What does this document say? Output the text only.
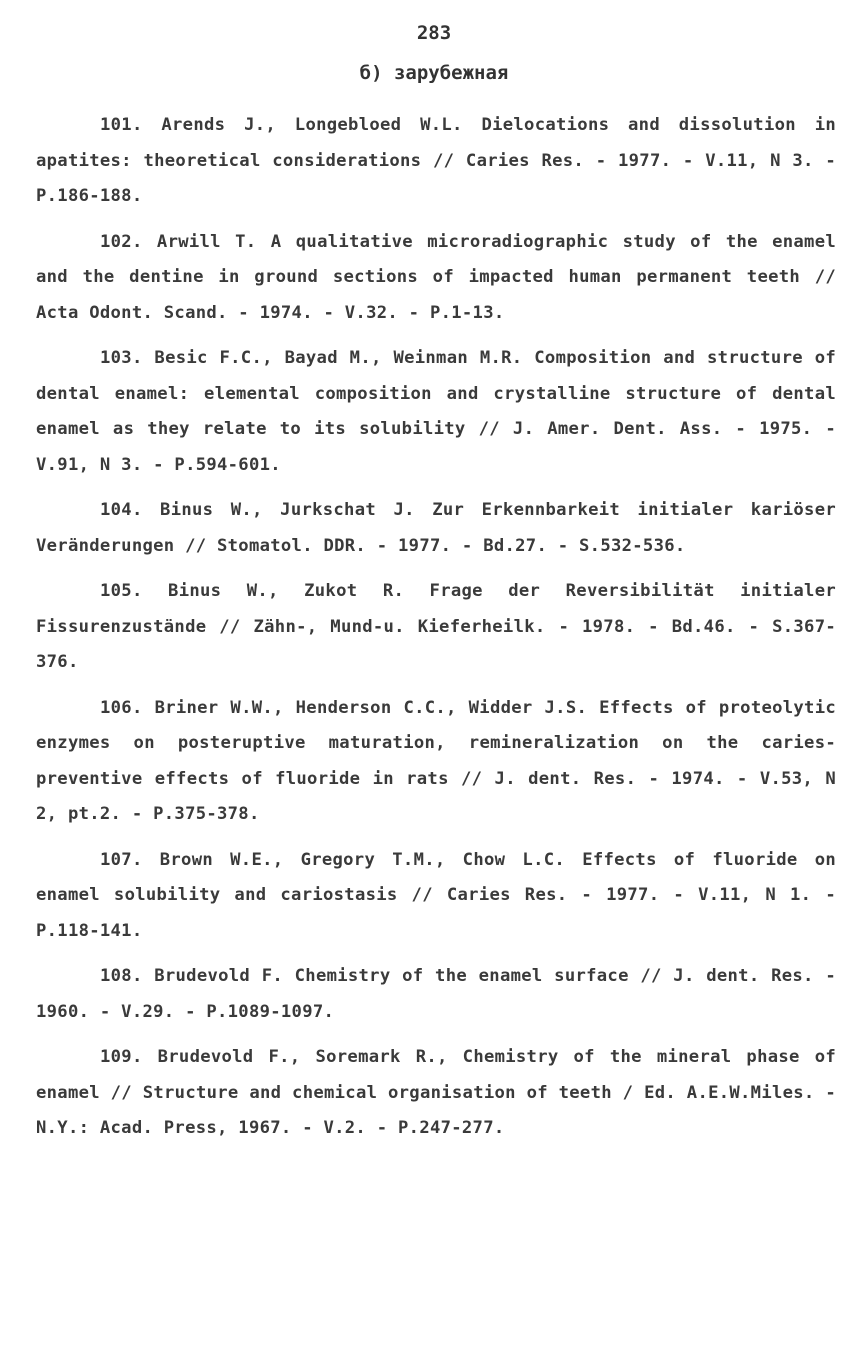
283
б) зарубежная

101. Arends J., Longebloed W.L. Dielocations and dissolution in apatites: theoretical considerations // Caries Res. - 1977. - V.11, N 3. - P.186-188.

102. Arwill T. A qualitative microradiographic study of the enamel and the dentine in ground sections of impacted human permanent teeth // Acta Odont. Scand. - 1974. - V.32. - P.1-13.

103. Besic F.C., Bayad M., Weinman M.R. Composition and structure of dental enamel: elemental composition and crystalline structure of dental enamel as they relate to its solubility // J. Amer. Dent. Ass. - 1975. - V.91, N 3. - P.594-601.

104. Binus W., Jurkschat J. Zur Erkennbarkeit initialer kariöser Veränderungen // Stomatol. DDR. - 1977. - Bd.27. - S.532-536.

105. Binus W., Zukot R. Frage der Reversibilität initialer Fissurenzustände // Zähn-, Mund-u. Kieferheilk. - 1978. - Bd.46. - S.367-376.

106. Briner W.W., Henderson C.C., Widder J.S. Effects of proteolytic enzymes on posteruptive maturation, remineralization on the caries-preventive effects of fluoride in rats // J. dent. Res. - 1974. - V.53, N 2, pt.2. - P.375-378.

107. Brown W.E., Gregory T.M., Chow L.C. Effects of fluoride on enamel solubility and cariostasis // Caries Res. - 1977. - V.11, N 1. - P.118-141.

108. Brudevold F. Chemistry of the enamel surface // J. dent. Res. - 1960. - V.29. - P.1089-1097.

109. Brudevold F., Soremark R., Chemistry of the mineral phase of enamel // Structure and chemical organisation of teeth / Ed. A.E.W.Miles. - N.Y.: Acad. Press, 1967. - V.2. - P.247-277.
